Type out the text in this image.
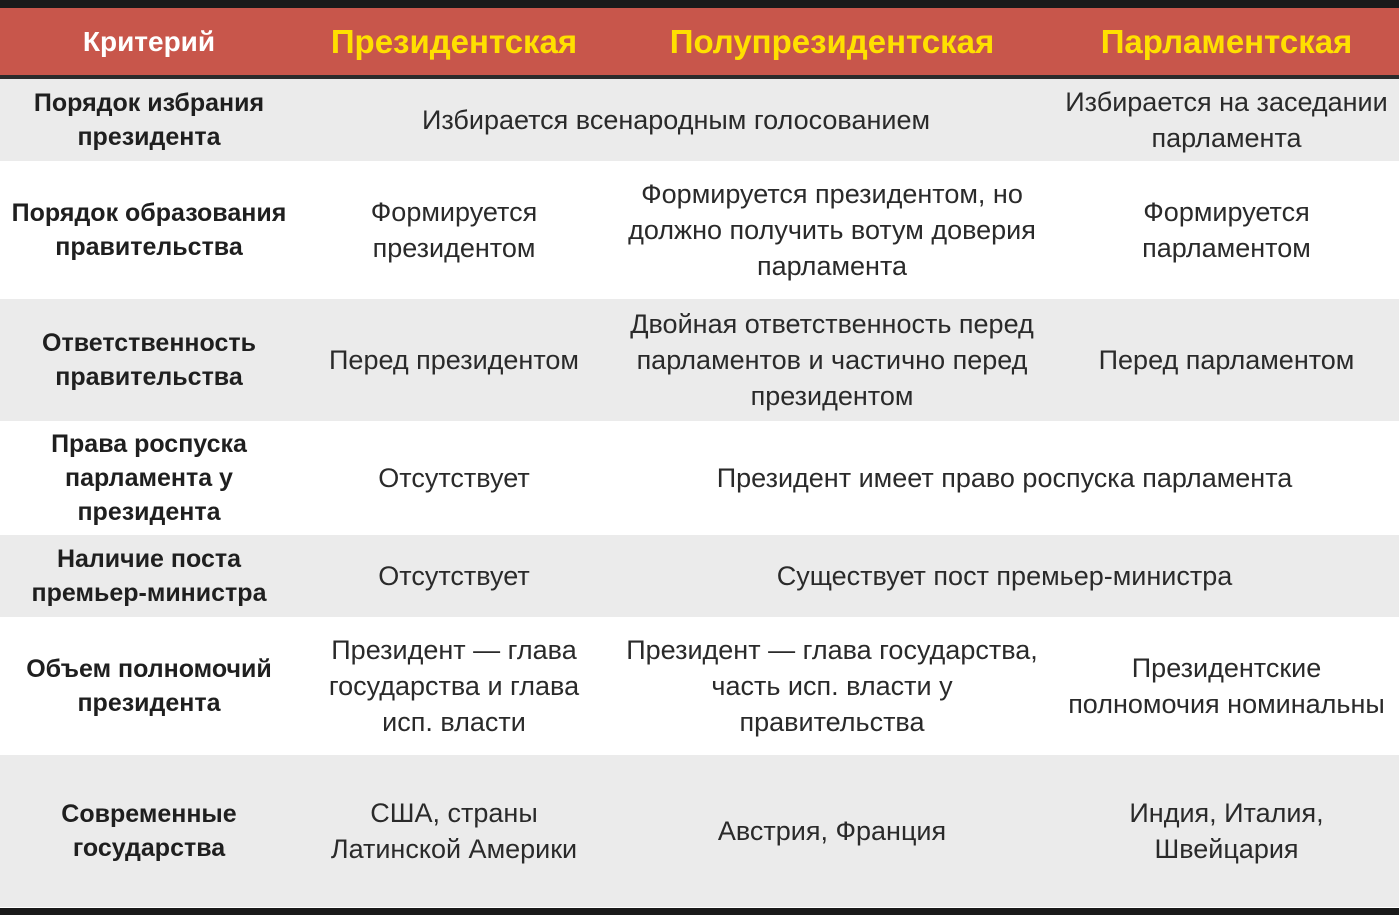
Критерий	Президентская	Полупрезидентская	Парламентская

Порядок избрания президента	Избирается всенародным голосованием		Избирается на заседании парламента
Порядок образования правительства	Формируется президентом	Формируется президентом, но должно получить вотум доверия парламента	Формируется парламентом
Ответственность правительства	Перед президентом	Двойная ответственность перед парламентов и частично перед президентом	Перед парламентом
Права роспуска парламента у президента	Отсутствует	Президент имеет право роспуска парламента	
Наличие поста премьер-министра	Отсутствует	Существует пост премьер-министра	
Объем полномочий президента	Президент — глава государства и глава исп. власти	Президент — глава государства, часть исп. власти у правительства	Президентские полномочия номинальны
Современные государства	США, страны Латинской Америки	Австрия, Франция	Индия, Италия, Швейцария
